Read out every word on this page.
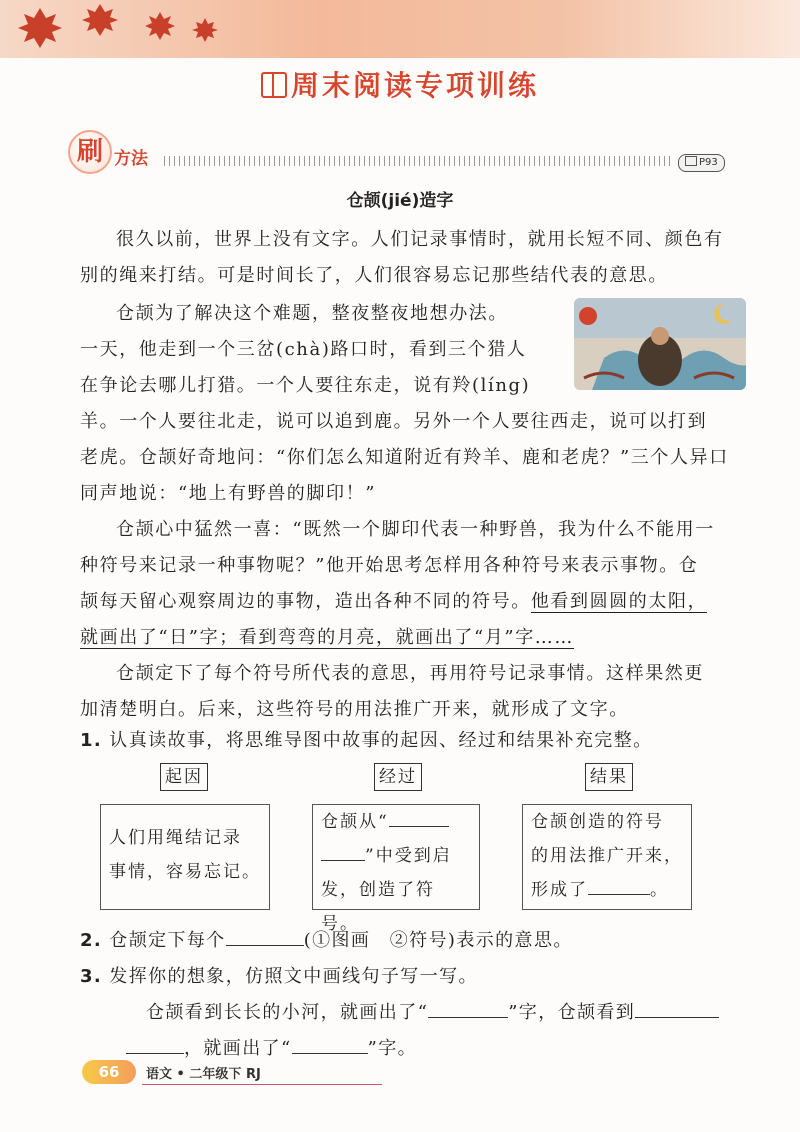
周末阅读专项训练
刷 方法	P93
仓颉(jié)造字

很久以前，世界上没有文字。人们记录事情时，就用长短不同、颜色有

别的绳来打结。可是时间长了，人们很容易忘记那些结代表的意思。

仓颉为了解决这个难题，整夜整夜地想办法。

一天，他走到一个三岔(chà)路口时，看到三个猎人

在争论去哪儿打猎。一个人要往东走，说有羚(líng)

羊。一个人要往北走，说可以追到鹿。另外一个人要往西走，说可以打到

老虎。仓颉好奇地问：“你们怎么知道附近有羚羊、鹿和老虎？”三个人异口

同声地说：“地上有野兽的脚印！”

仓颉心中猛然一喜：“既然一个脚印代表一种野兽，我为什么不能用一

种符号来记录一种事物呢？”他开始思考怎样用各种符号来表示事物。仓

颉每天留心观察周边的事物，造出各种不同的符号。他看到圆圆的太阳，

就画出了“日”字；看到弯弯的月亮，就画出了“月”字……

仓颉定下了每个符号所代表的意思，再用符号记录事情。这样果然更

加清楚明白。后来，这些符号的用法推广开来，就形成了文字。

1. 认真读故事，将思维导图中故事的起因、经过和结果补充完整。
起因	经过	结果
人们用绳结记录
事情，容易忘记。
仓颉从“
”中受到启
发，创造了符号。
仓颉创造的符号
的用法推广开来，
形成了	。
2. 仓颉定下每个	(①图画　②符号)表示的意思。
3. 发挥你的想象，仿照文中画线句子写一写。
仓颉看到长长的小河，就画出了“	”字，仓颉看到
，就画出了“	”字。
66	语文 • 二年级下 RJ
